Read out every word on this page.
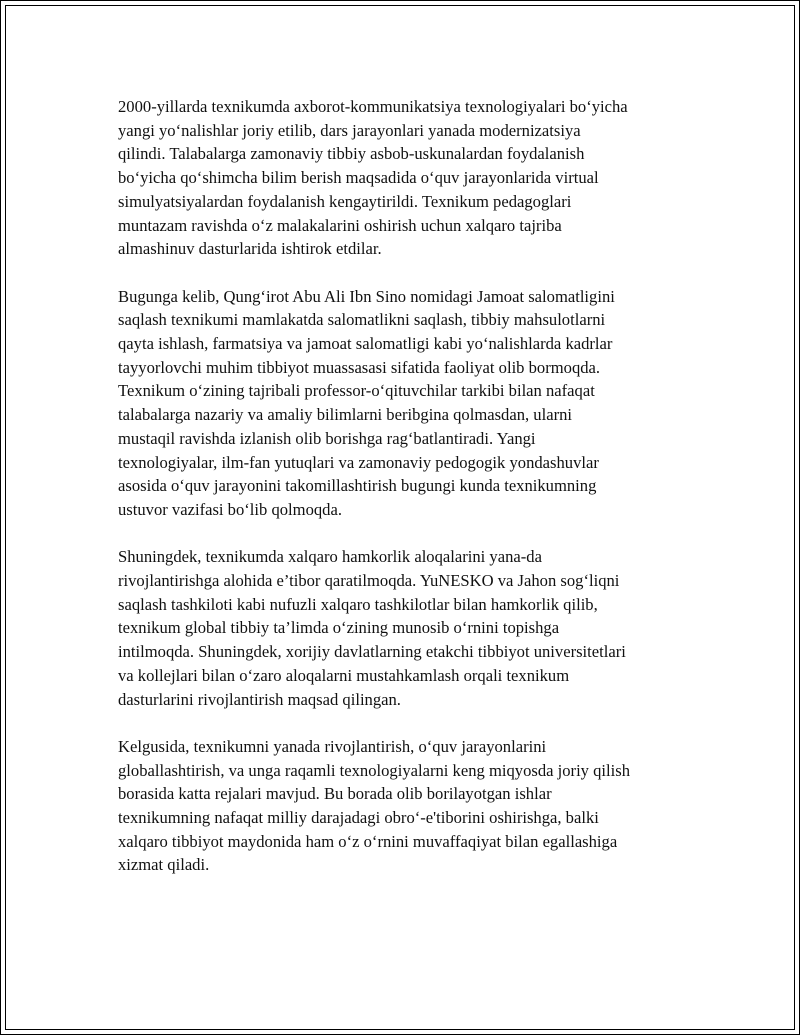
2000-yillarda texnikumda axborot-kommunikatsiya texnologiyalari bo‘yicha
yangi yo‘nalishlar joriy etilib, dars jarayonlari yanada modernizatsiya
qilindi. Talabalarga zamonaviy tibbiy asbob-uskunalardan foydalanish
bo‘yicha qo‘shimcha bilim berish maqsadida o‘quv jarayonlarida virtual
simulyatsiyalardan foydalanish kengaytirildi. Texnikum pedagoglari
muntazam ravishda o‘z malakalarini oshirish uchun xalqaro tajriba
almashinuv dasturlarida ishtirok etdilar.

Bugunga kelib, Qung‘irot Abu Ali Ibn Sino nomidagi Jamoat salomatligini
saqlash texnikumi mamlakatda salomatlikni saqlash, tibbiy mahsulotlarni
qayta ishlash, farmatsiya va jamoat salomatligi kabi yo‘nalishlarda kadrlar
tayyorlovchi muhim tibbiyot muassasasi sifatida faoliyat olib bormoqda.
Texnikum o‘zining tajribali professor-o‘qituvchilar tarkibi bilan nafaqat
talabalarga nazariy va amaliy bilimlarni beribgina qolmasdan, ularni
mustaqil ravishda izlanish olib borishga rag‘batlantiradi. Yangi
texnologiyalar, ilm-fan yutuqlari va zamonaviy pedogogik yondashuvlar
asosida o‘quv jarayonini takomillashtirish bugungi kunda texnikumning
ustuvor vazifasi bo‘lib qolmoqda.

Shuningdek, texnikumda xalqaro hamkorlik aloqalarini yana-da
rivojlantirishga alohida e’tibor qaratilmoqda. YuNESKO va Jahon sog‘liqni
saqlash tashkiloti kabi nufuzli xalqaro tashkilotlar bilan hamkorlik qilib,
texnikum global tibbiy ta’limda o‘zining munosib o‘rnini topishga
intilmoqda. Shuningdek, xorijiy davlatlarning etakchi tibbiyot universitetlari
va kollejlari bilan o‘zaro aloqalarni mustahkamlash orqali texnikum
dasturlarini rivojlantirish maqsad qilingan.

Kelgusida, texnikumni yanada rivojlantirish, o‘quv jarayonlarini
globallashtirish, va unga raqamli texnologiyalarni keng miqyosda joriy qilish
borasida katta rejalari mavjud. Bu borada olib borilayotgan ishlar
texnikumning nafaqat milliy darajadagi obro‘-e'tiborini oshirishga, balki
xalqaro tibbiyot maydonida ham o‘z o‘rnini muvaffaqiyat bilan egallashiga
xizmat qiladi.
